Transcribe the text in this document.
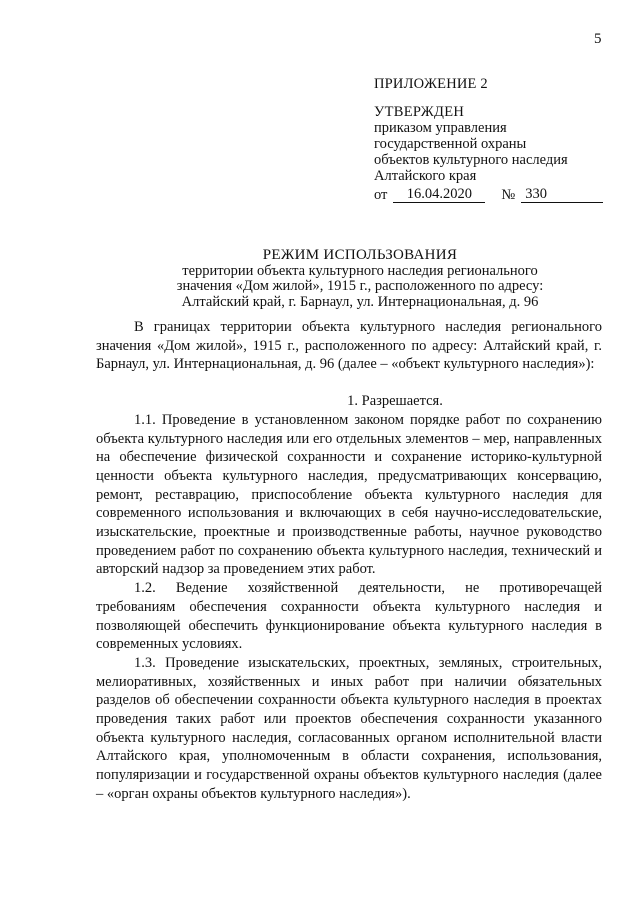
5
ПРИЛОЖЕНИЕ 2
УТВЕРЖДЕН
приказом управления
государственной охраны
объектов культурного наследия
Алтайского края
от	16.04.2020	№ 330
РЕЖИМ ИСПОЛЬЗОВАНИЯ
территории объекта культурного наследия регионального
значения «Дом жилой», 1915 г., расположенного по адресу:
Алтайский край, г. Барнаул, ул. Интернациональная, д. 96

В границах территории объекта культурного наследия регионального значения «Дом жилой», 1915 г., расположенного по адресу: Алтайский край, г. Барнаул, ул. Интернациональная, д. 96 (далее – «объект культурного наследия»):

1. Разрешается.

1.1. Проведение в установленном законом порядке работ по сохранению объекта культурного наследия или его отдельных элементов – мер, направленных на обеспечение физической сохранности и сохранение историко-культурной ценности объекта культурного наследия, предусматривающих консервацию, ремонт, реставрацию, приспособление объекта культурного наследия для современного использования и включающих в себя научно-исследовательские, изыскательские, проектные и производственные работы, научное руководство проведением работ по сохранению объекта культурного наследия, технический и авторский надзор за проведением этих работ.

1.2. Ведение хозяйственной деятельности, не противоречащей требованиям обеспечения сохранности объекта культурного наследия и позволяющей обеспечить функционирование объекта культурного наследия в современных условиях.

1.3. Проведение изыскательских, проектных, земляных, строительных, мелиоративных, хозяйственных и иных работ при наличии обязательных разделов об обеспечении сохранности объекта культурного наследия в проектах проведения таких работ или проектов обеспечения сохранности указанного объекта культурного наследия, согласованных органом исполнительной власти Алтайского края, уполномоченным в области сохранения, использования, популяризации и государственной охраны объектов культурного наследия (далее – «орган охраны объектов культурного наследия»).
